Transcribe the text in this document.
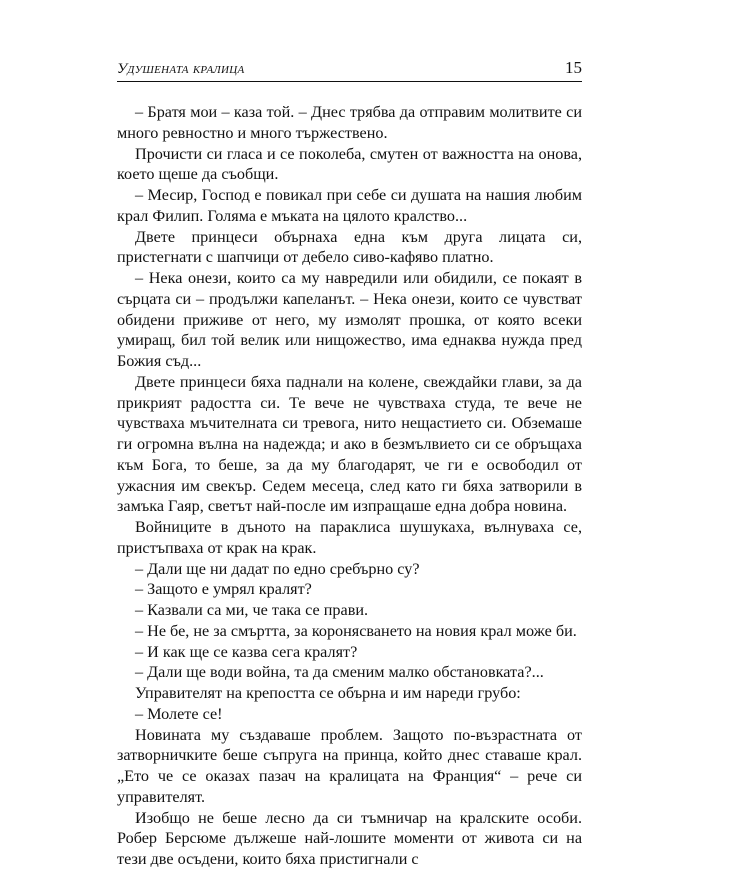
Удушената кралица	15

– Братя мои – каза той. – Днес трябва да отправим молитвите си много ревностно и много тържествено.

Прочисти си гласа и се поколеба, смутен от важността на онова, което щеше да съобщи.

– Месир, Господ е повикал при себе си душата на нашия любим крал Филип. Голяма е мъката на цялото кралство...

Двете принцеси обърнаха една към друга лицата си, пристегнати с шапчици от дебело сиво-кафяво платно.

– Нека онези, които са му навредили или обидили, се покаят в сърцата си – продължи капеланът. – Нека онези, които се чувстват обидени приживе от него, му измолят прошка, от която всеки умиращ, бил той велик или нищожество, има еднаква нужда пред Божия съд...

Двете принцеси бяха паднали на колене, свеждайки глави, за да прикрият радостта си. Те вече не чувстваха студа, те вече не чувстваха мъчителната си тревога, нито нещастието си. Обземаше ги огромна вълна на надежда; и ако в безмълвието си се обръщаха към Бога, то беше, за да му благодарят, че ги е освободил от ужасния им свекър. Седем месеца, след като ги бяха затворили в замъка Гаяр, светът най-после им изпращаше една добра новина.

Войниците в дъното на параклиса шушукаха, вълнуваха се, пристъпваха от крак на крак.

– Дали ще ни дадат по едно сребърно су?

– Защото е умрял кралят?

– Казвали са ми, че така се прави.

– Не бе, не за смъртта, за коронясването на новия крал може би.

– И как ще се казва сега кралят?

– Дали ще води война, та да сменим малко обстановката?...

Управителят на крепостта се обърна и им нареди грубо:

– Молете се!

Новината му създаваше проблем. Защото по-възрастната от затворничките беше съпруга на принца, който днес ставаше крал. „Ето че се оказах пазач на кралицата на Франция“ – рече си управителят.

Изобщо не беше лесно да си тъмничар на кралските особи. Робер Берсюме дължеше най-лошите моменти от живота си на тези две осъдени, които бяха пристигнали с
